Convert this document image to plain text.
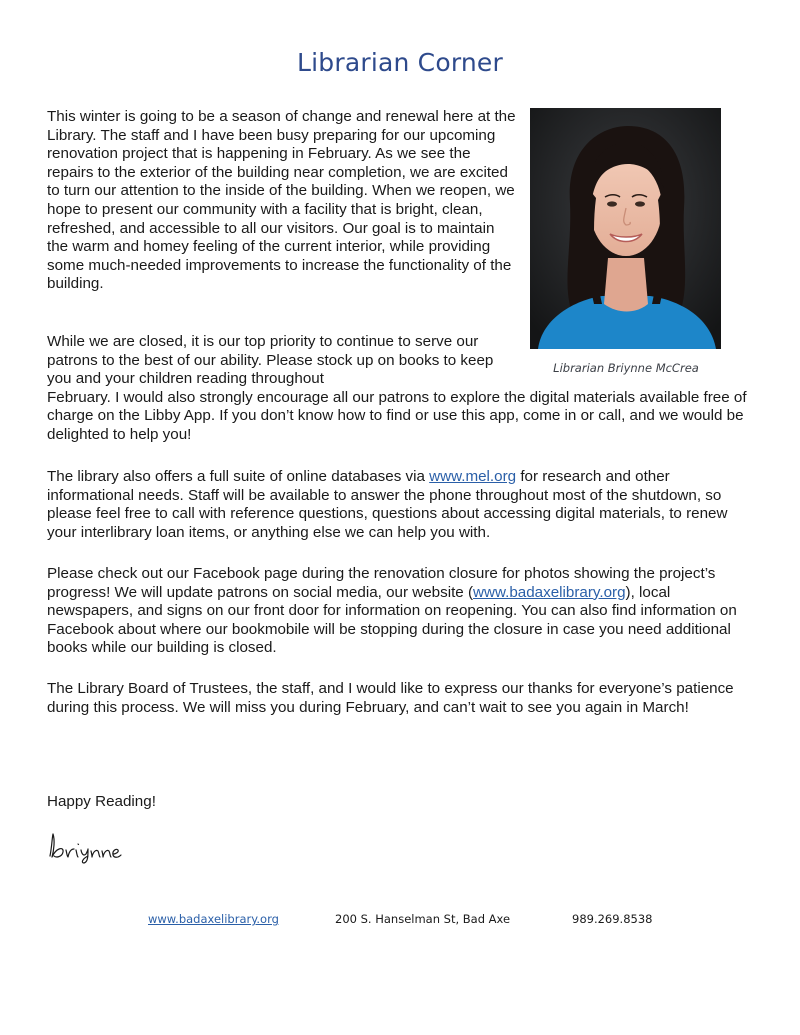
Librarian Corner
Librarian Briynne McCrea

This winter is going to be a season of change and renewal here at the Library. The staff and I have been busy preparing for our upcoming renovation project that is happening in February. As we see the repairs to the exterior of the building near completion, we are excited to turn our attention to the inside of the building. When we reopen, we hope to present our community with a facility that is bright, clean, refreshed, and accessible to all our visitors. Our goal is to maintain the warm and homey feeling of the current interior, while providing some much-needed improvements to increase the functionality of the building.

While we are closed, it is our top priority to continue to serve our patrons to the best of our ability. Please stock up on books to keep you and your children reading throughout
February. I would also strongly encourage all our patrons to explore the digital materials available free of charge on the Libby App. If you don’t know how to find or use this app, come in or call, and we would be delighted to help you!

The library also offers a full suite of online databases via www.mel.org for research and other informational needs. Staff will be available to answer the phone throughout most of the shutdown, so please feel free to call with reference questions, questions about accessing digital materials, to renew your interlibrary loan items, or anything else we can help you with.

Please check out our Facebook page during the renovation closure for photos showing the project’s progress! We will update patrons on social media, our website (www.badaxelibrary.org), local newspapers, and signs on our front door for information on reopening. You can also find information on Facebook about where our bookmobile will be stopping during the closure in case you need additional books while our building is closed.

The Library Board of Trustees, the staff, and I would like to express our thanks for everyone’s patience during this process. We will miss you during February, and can’t wait to see you again in March!

Happy Reading!

www.badaxelibrary.org	200 S. Hanselman St, Bad Axe	989.269.8538
